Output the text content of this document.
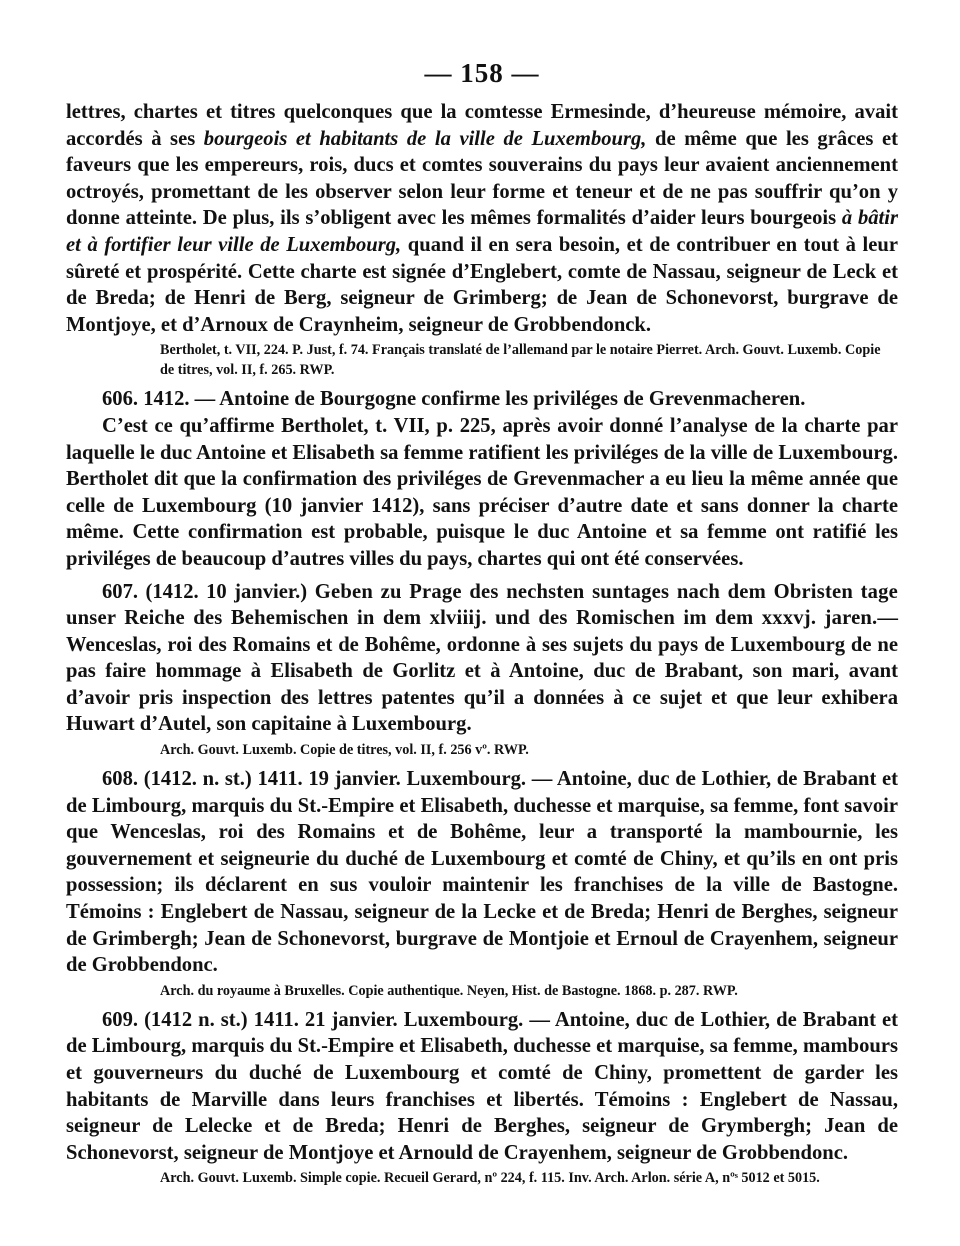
— 158 —

lettres, chartes et titres quelconques que la comtesse Ermesinde, d’heureuse mémoire, avait accordés à ses bourgeois et habitants de la ville de Luxembourg, de même que les grâces et faveurs que les empereurs, rois, ducs et comtes souverains du pays leur avaient anciennement octroyés, promettant de les observer selon leur forme et teneur et de ne pas souffrir qu’on y donne atteinte. De plus, ils s’obligent avec les mêmes formalités d’aider leurs bourgeois à bâtir et à fortifier leur ville de Luxembourg, quand il en sera besoin, et de contribuer en tout à leur sûreté et prospérité. Cette charte est signée d’Englebert, comte de Nassau, seigneur de Leck et de Breda; de Henri de Berg, seigneur de Grimberg; de Jean de Schonevorst, burgrave de Montjoye, et d’Arnoux de Craynheim, seigneur de Grobbendonck.

Bertholet, t. VII, 224. P. Just, f. 74. Français translaté de l’allemand par le notaire Pierret. Arch. Gouvt. Luxemb. Copie de titres, vol. II, f. 265. RWP.

606. 1412. — Antoine de Bourgogne confirme les priviléges de Grevenmacheren.

C’est ce qu’affirme Bertholet, t. VII, p. 225, après avoir donné l’analyse de la charte par laquelle le duc Antoine et Elisabeth sa femme ratifient les priviléges de la ville de Luxembourg. Bertholet dit que la confirmation des priviléges de Grevenmacher a eu lieu la même année que celle de Luxembourg (10 janvier 1412), sans préciser d’autre date et sans donner la charte même. Cette confirmation est probable, puisque le duc Antoine et sa femme ont ratifié les priviléges de beaucoup d’autres villes du pays, chartes qui ont été conservées.

607. (1412. 10 janvier.) Geben zu Prage des nechsten suntages nach dem Obristen tage unser Reiche des Behemischen in dem xlviiij. und des Romischen im dem xxxvj. jaren.—Wenceslas, roi des Romains et de Bohême, ordonne à ses sujets du pays de Luxembourg de ne pas faire hommage à Elisabeth de Gorlitz et à Antoine, duc de Brabant, son mari, avant d’avoir pris inspection des lettres patentes qu’il a données à ce sujet et que leur exhibera Huwart d’Autel, son capitaine à Luxembourg.

Arch. Gouvt. Luxemb. Copie de titres, vol. II, f. 256 vº. RWP.

608. (1412. n. st.) 1411. 19 janvier. Luxembourg. — Antoine, duc de Lothier, de Brabant et de Limbourg, marquis du St.-Empire et Elisabeth, duchesse et marquise, sa femme, font savoir que Wenceslas, roi des Romains et de Bohême, leur a transporté la mambournie, les gouvernement et seigneurie du duché de Luxembourg et comté de Chiny, et qu’ils en ont pris possession; ils déclarent en sus vouloir maintenir les franchises de la ville de Bastogne. Témoins : Englebert de Nassau, seigneur de la Lecke et de Breda; Henri de Berghes, seigneur de Grimbergh; Jean de Schonevorst, burgrave de Montjoie et Ernoul de Crayenhem, seigneur de Grobbendonc.

Arch. du royaume à Bruxelles. Copie authentique. Neyen, Hist. de Bastogne. 1868. p. 287. RWP.

609. (1412 n. st.) 1411. 21 janvier. Luxembourg. — Antoine, duc de Lothier, de Brabant et de Limbourg, marquis du St.-Empire et Elisabeth, duchesse et marquise, sa femme, mambours et gouverneurs du duché de Luxembourg et comté de Chiny, promettent de garder les habitants de Marville dans leurs franchises et libertés. Témoins : Englebert de Nassau, seigneur de Lelecke et de Breda; Henri de Berghes, seigneur de Grymbergh; Jean de Schonevorst, seigneur de Montjoye et Arnould de Crayenhem, seigneur de Grobbendonc.

Arch. Gouvt. Luxemb. Simple copie. Recueil Gerard, nº 224, f. 115. Inv. Arch. Arlon. série A, nºˢ 5012 et 5015.
